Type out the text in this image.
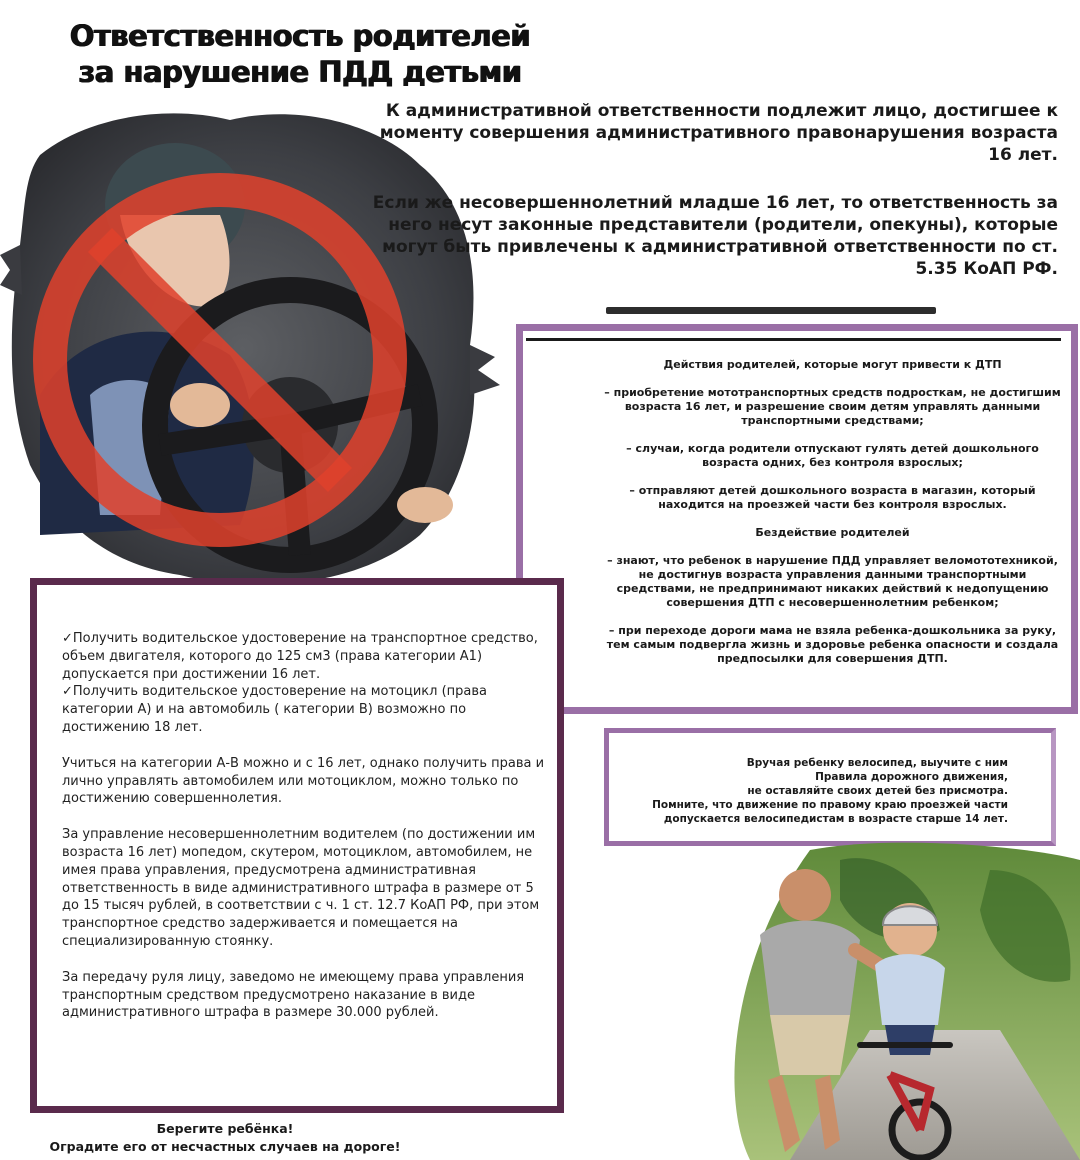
Ответственность родителей
за нарушение ПДД детьми

К административной ответственности подлежит лицо, достигшее к моменту совершения административного правонарушения возраста 16 лет.

Если же несовершеннолетний младше 16 лет, то ответственность за него несут законные представители (родители, опекуны), которые могут быть привлечены к административной ответственности по ст. 5.35 КоАП РФ.

Действия родителей, которые могут привести к ДТП

– приобретение мототранспортных средств подросткам, не достигшим возраста 16 лет, и разрешение своим детям управлять данными транспортными средствами;

– случаи, когда родители отпускают гулять детей дошкольного возраста одних, без контроля взрослых;

– отправляют детей дошкольного возраста в магазин, который находится на проезжей части без контроля взрослых.

Бездействие родителей

– знают, что ребенок в нарушение ПДД управляет веломототехникой, не достигнув возраста управления данными транспортными средствами, не предпринимают никаких действий к недопущению совершения ДТП с несовершеннолетним ребенком;

– при переходе дороги мама не взяла ребенка-дошкольника за руку, тем самым подвергла жизнь и здоровье ребенка опасности и создала предпосылки для совершения ДТП.

✓Получить водительское удостоверение на транспортное средство,

объем двигателя, которого до 125 см3 (права категории А1) допускается при достижении 16 лет.

✓Получить водительское удостоверение на мотоцикл (права категории А) и на автомобиль ( категории В) возможно по достижению 18 лет.

Учиться на категории А-В можно и с 16 лет, однако получить права и лично управлять автомобилем или мотоциклом, можно только по достижению совершеннолетия.

За управление несовершеннолетним водителем (по достижении им возраста 16 лет) мопедом, скутером, мотоциклом, автомобилем, не имея права управления, предусмотрена административная ответственность в виде административного штрафа в размере от 5 до 15 тысяч рублей, в соответствии с ч. 1 ст. 12.7 КоАП РФ, при этом транспортное средство задерживается и помещается на специализированную стоянку.

За передачу руля лицу, заведомо не имеющему права управления транспортным средством предусмотрено наказание в виде административного штрафа в размере 30.000 рублей.

Вручая ребенку велосипед, выучите с ним
Правила дорожного движения,
не оставляйте своих детей без присмотра.
Помните, что движение по правому краю проезжей части
допускается велосипедистам в возрасте старше 14 лет.
Берегите ребёнка!
Оградите его от несчастных случаев на дороге!
